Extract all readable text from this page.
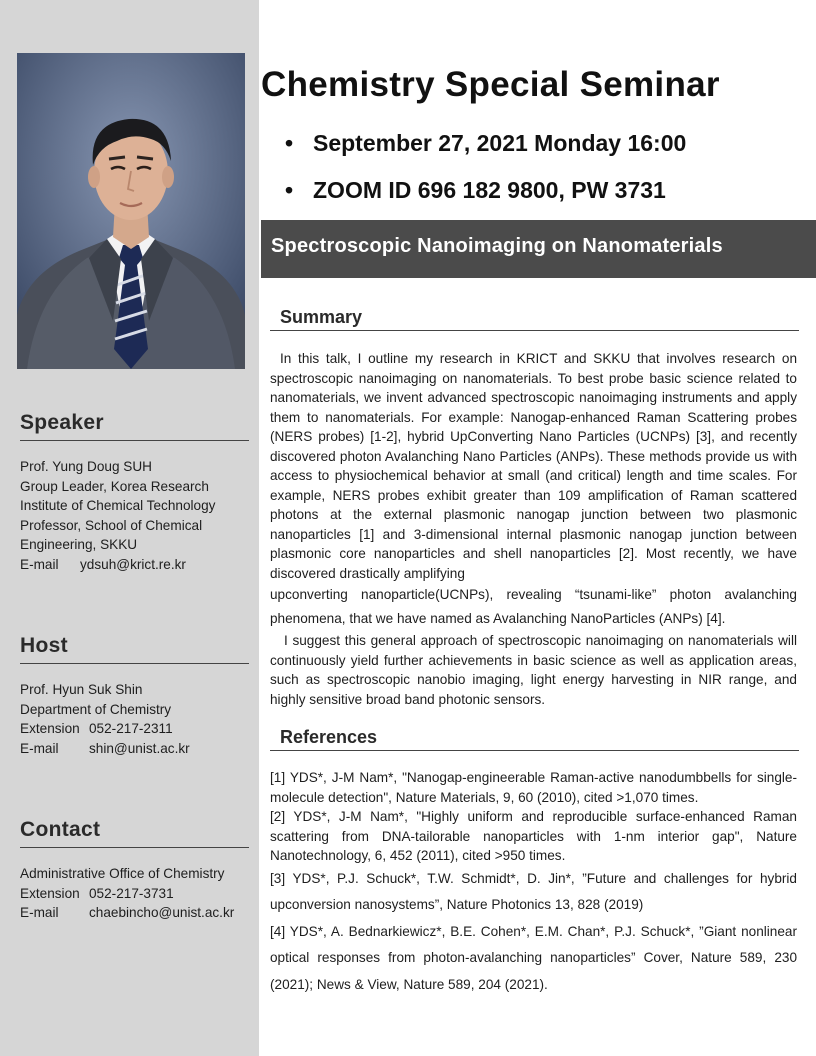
Speaker
Prof. Yung Doug SUH
Group Leader, Korea Research
Institute of Chemical Technology
Professor, School of Chemical
Engineering, SKKU
E-mail ydsuh@krict.re.kr
Host
Prof. Hyun Suk Shin
Department of Chemistry
Extension 052-217-2311
E-mail shin@unist.ac.kr
Contact
Administrative Office of Chemistry
Extension 052-217-3731
E-mail chaebincho@unist.ac.kr
Chemistry Special Seminar
• September 27, 2021 Monday 16:00
• ZOOM ID 696 182 9800, PW 3731
Spectroscopic Nanoimaging on Nanomaterials
Summary

In this talk, I outline my research in KRICT and SKKU that involves research on spectroscopic nanoimaging on nanomaterials. To best probe basic science related to nanomaterials, we invent advanced spectroscopic nanoimaging instruments and apply them to nanomaterials. For example: Nanogap-enhanced Raman Scattering probes (NERS probes) [1-2], hybrid UpConverting Nano Particles (UCNPs) [3], and recently discovered photon Avalanching Nano Particles (ANPs). These methods provide us with access to physiochemical behavior at small (and critical) length and time scales. For example, NERS probes exhibit greater than 109 amplification of Raman scattered photons at the external plasmonic nanogap junction between two plasmonic nanoparticles [1] and 3-dimensional internal plasmonic nanogap junction between plasmonic core nanoparticles and shell nanoparticles [2]. Most recently, we have discovered drastically amplifying

upconverting nanoparticle(UCNPs), revealing “tsunami-like” photon avalanching phenomena, that we have named as Avalanching NanoParticles (ANPs) [4].

I suggest this general approach of spectroscopic nanoimaging on nanomaterials will continuously yield further achievements in basic science as well as application areas, such as spectroscopic nanobio imaging, light energy harvesting in NIR range, and highly sensitive broad band photonic sensors.

References

[1] YDS*, J-M Nam*, "Nanogap-engineerable Raman-active nanodumbbells for single-molecule detection", Nature Materials, 9, 60 (2010), cited >1,070 times.

[2] YDS*, J-M Nam*, "Highly uniform and reproducible surface-enhanced Raman scattering from DNA-tailorable nanoparticles with 1-nm interior gap", Nature Nanotechnology, 6, 452 (2011), cited >950 times.

[3] YDS*, P.J. Schuck*, T.W. Schmidt*, D. Jin*, ”Future and challenges for hybrid upconversion nanosystems”, Nature Photonics 13, 828 (2019)

[4] YDS*, A. Bednarkiewicz*, B.E. Cohen*, E.M. Chan*, P.J. Schuck*, ”Giant nonlinear optical responses from photon-avalanching nanoparticles” Cover, Nature 589, 230 (2021); News & View, Nature 589, 204 (2021).
